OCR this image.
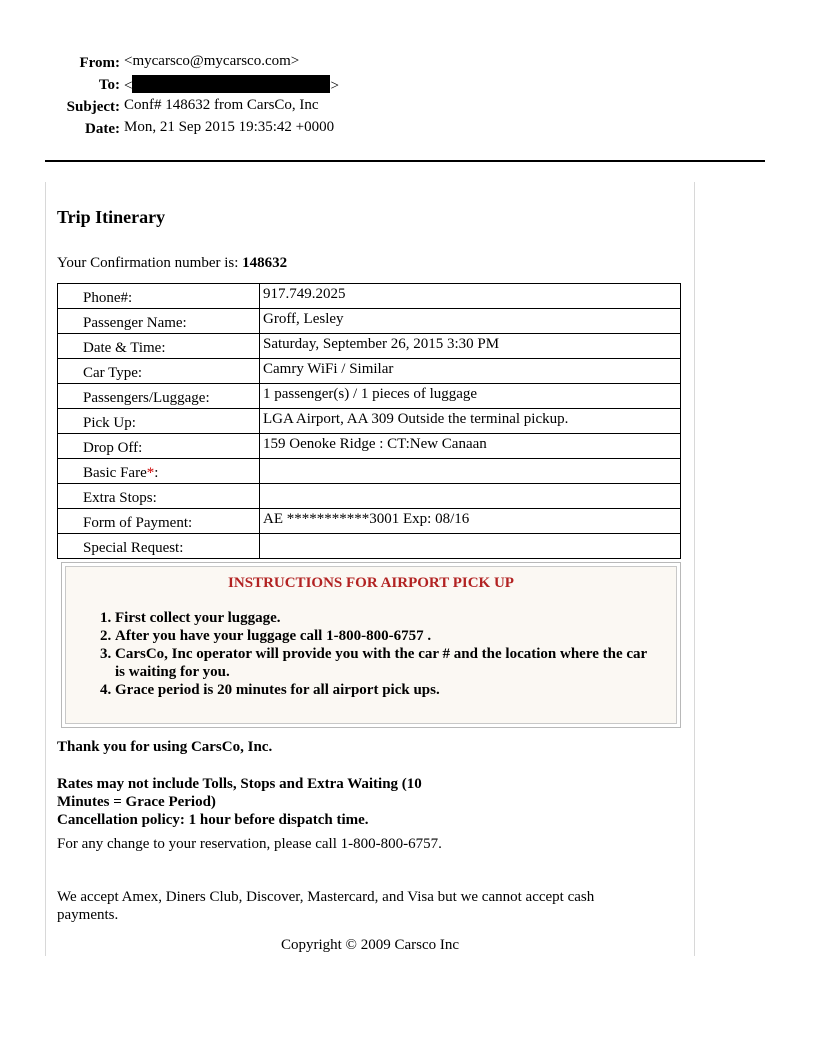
From: <mycarsco@mycarsco.com>
To: <	>
Subject: Conf# 148632 from CarsCo, Inc
Date: Mon, 21 Sep 2015 19:35:42 +0000
Trip Itinerary
Your Confirmation number is: 148632
Phone#:	917.749.2025
Passenger Name:	Groff, Lesley
Date & Time:	Saturday, September 26, 2015 3:30 PM
Car Type:	Camry WiFi / Similar
Passengers/Luggage:	1 passenger(s) / 1 pieces of luggage
Pick Up:	LGA Airport, AA 309 Outside the terminal pickup.
Drop Off:	159 Oenoke Ridge : CT:New Canaan
Basic Fare*:	
Extra Stops:	
Form of Payment:	AE ***********3001 Exp: 08/16
Special Request:	
INSTRUCTIONS FOR AIRPORT PICK UP
1. First collect your luggage.
2. After you have your luggage call 1-800-800-6757 .
3. CarsCo, Inc operator will provide you with the car # and the location where the car is waiting for you.
4. Grace period is 20 minutes for all airport pick ups.
Thank you for using CarsCo, Inc.
Rates may not include Tolls, Stops and Extra Waiting (10 Minutes = Grace Period)
Cancellation policy: 1 hour before dispatch time.
For any change to your reservation, please call 1-800-800-6757.
We accept Amex, Diners Club, Discover, Mastercard, and Visa but we cannot accept cash payments.
Copyright © 2009 Carsco Inc
